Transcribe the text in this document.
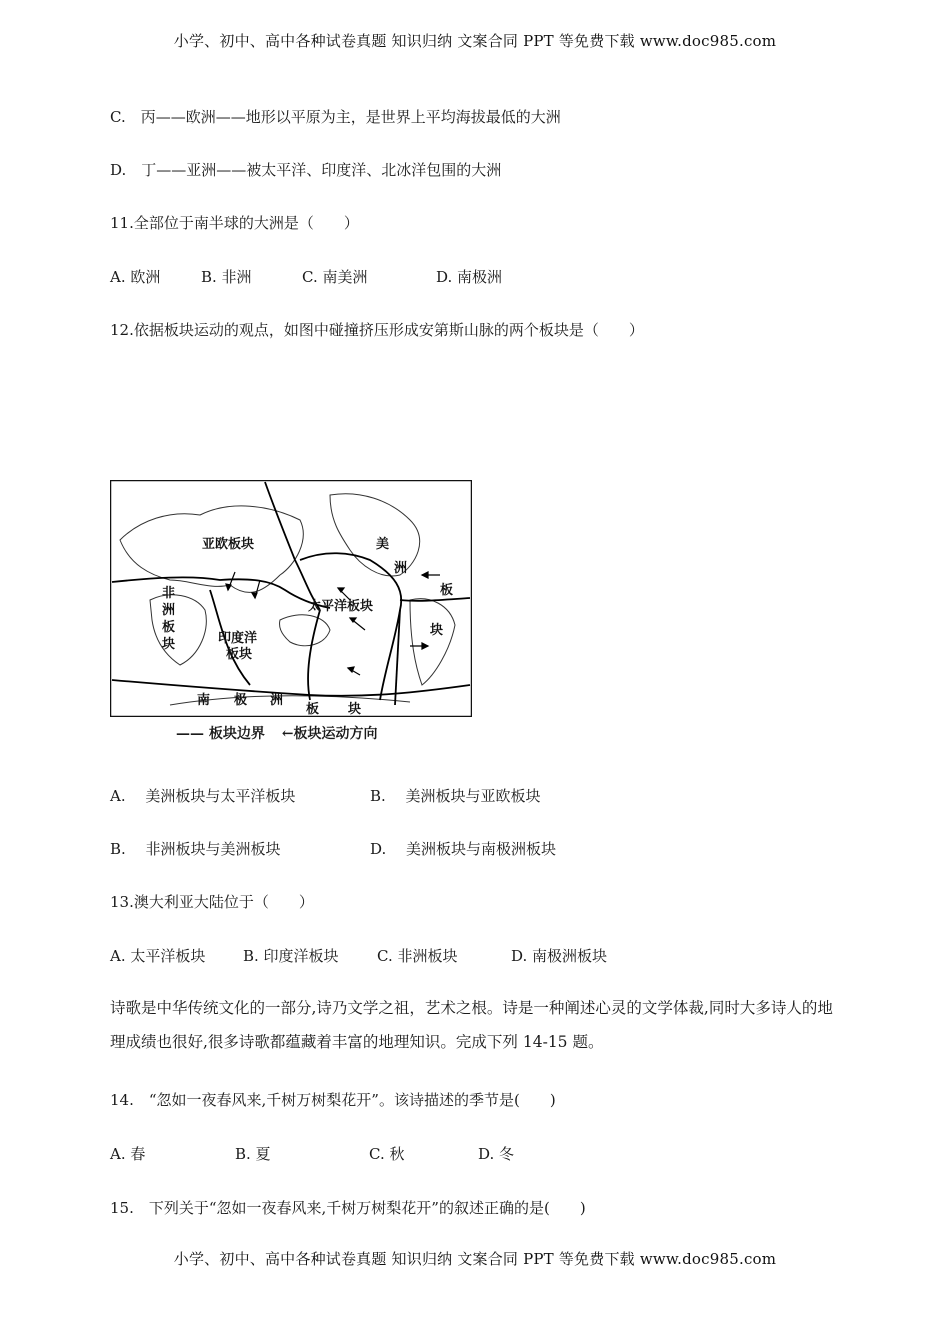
小学、初中、高中各种试卷真题 知识归纳 文案合同 PPT 等免费下载 www.doc985.com
C.　丙——欧洲——地形以平原为主，是世界上平均海拔最低的大洲
D.　丁——亚洲——被太平洋、印度洋、北冰洋包围的大洲
11.全部位于南半球的大洲是（　　）
A. 欧洲	B. 非洲	C. 南美洲	D. 南极洲
12.依据板块运动的观点，如图中碰撞挤压形成安第斯山脉的两个板块是（　　）
亚欧板块	美
洲
板
块
非
洲
板
块
太平洋板块
印度洋
板块
南 极 洲
板 块
—— 板块边界 ←板块运动方向
A.　 美洲板块与太平洋板块	B.　 美洲板块与亚欧板块
B.　 非洲板块与美洲板块	D.　 美洲板块与南极洲板块
13.澳大利亚大陆位于（　　）
A. 太平洋板块	B. 印度洋板块	C. 非洲板块	D. 南极洲板块
诗歌是中华传统文化的一部分,诗乃文学之祖，艺术之根。诗是一种阐述心灵的文学体裁,同时大多诗人的地理成绩也很好,很多诗歌都蕴藏着丰富的地理知识。完成下列 14-15 题。
14.　“忽如一夜春风来,千树万树梨花开”。该诗描述的季节是(　　)
A. 春	B. 夏	C. 秋	D. 冬
15.　下列关于“忽如一夜春风来,千树万树梨花开”的叙述正确的是(　　)
小学、初中、高中各种试卷真题 知识归纳 文案合同 PPT 等免费下载 www.doc985.com
